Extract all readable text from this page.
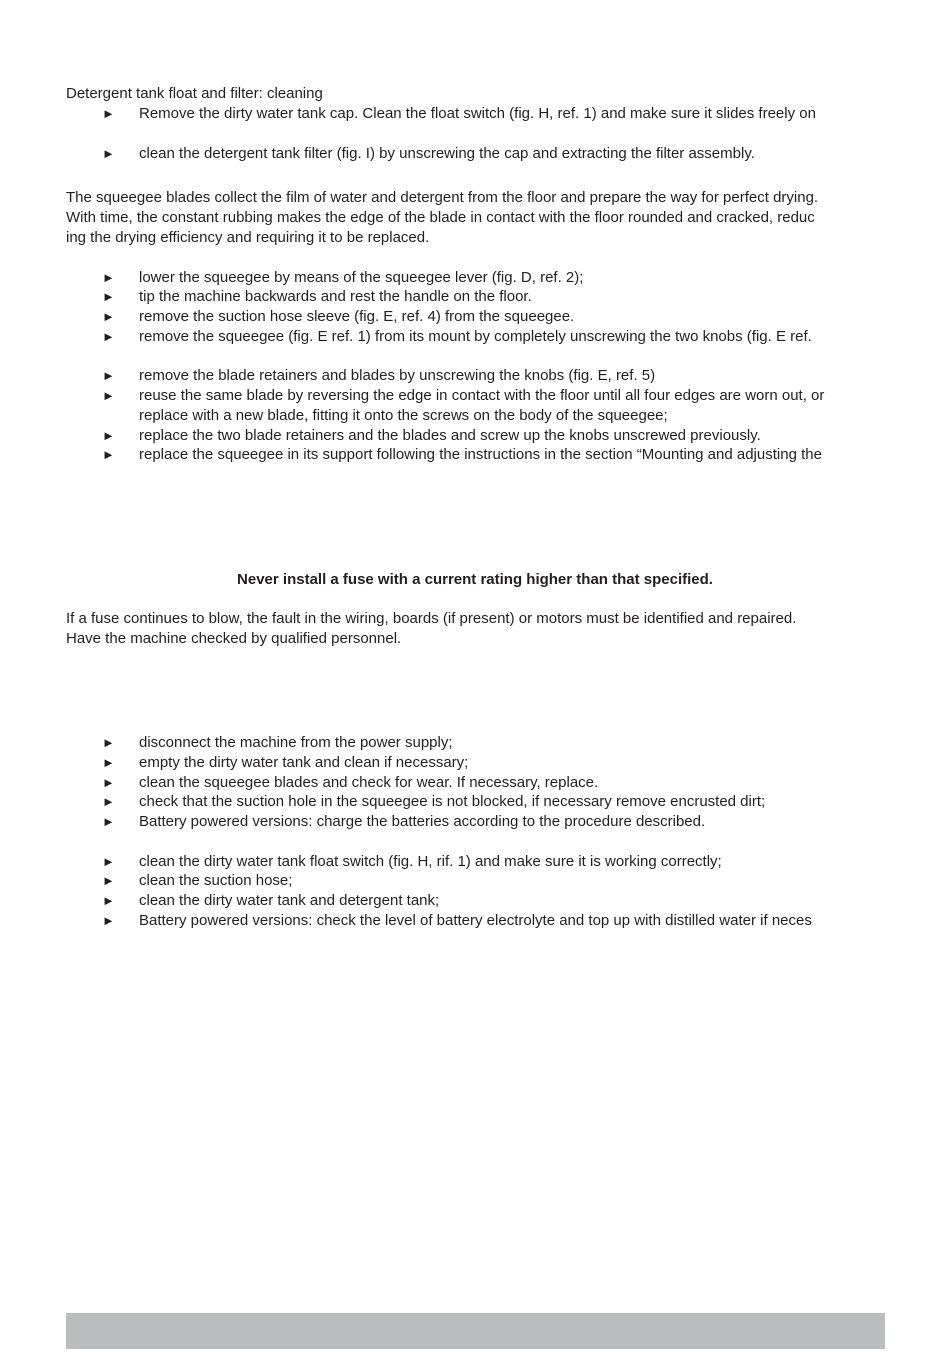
Detergent tank float and filter: cleaning
► Remove the dirty water tank cap. Clean the float switch (fig. H, ref. 1) and make sure it slides freely on
► clean the detergent tank filter (fig. I) by unscrewing the cap and extracting the filter assembly.
The squeegee blades collect the film of water and detergent from the floor and prepare the way for perfect drying.
With time, the constant rubbing makes the edge of the blade in contact with the floor rounded and cracked, reduc
ing the drying efficiency and requiring it to be replaced.
► lower the squeegee by means of the squeegee lever (fig. D, ref. 2);
► tip the machine backwards and rest the handle on the floor.
► remove the suction hose sleeve (fig. E, ref. 4) from the squeegee.
► remove the squeegee (fig. E ref. 1) from its mount by completely unscrewing the two knobs (fig. E ref.
► remove the blade retainers and blades by unscrewing the knobs (fig. E, ref. 5)
► reuse the same blade by reversing the edge in contact with the floor until all four edges are worn out, or
replace with a new blade, fitting it onto the screws on the body of the squeegee;
► replace the two blade retainers and the blades and screw up the knobs unscrewed previously.
► replace the squeegee in its support following the instructions in the section “Mounting and adjusting the
Never install a fuse with a current rating higher than that specified.
If a fuse continues to blow, the fault in the wiring, boards (if present) or motors must be identified and repaired.
Have the machine checked by qualified personnel.
► disconnect the machine from the power supply;
► empty the dirty water tank and clean if necessary;
► clean the squeegee blades and check for wear. If necessary, replace.
► check that the suction hole in the squeegee is not blocked, if necessary remove encrusted dirt;
► Battery powered versions: charge the batteries according to the procedure described.
► clean the dirty water tank float switch (fig. H, rif. 1) and make sure it is working correctly;
► clean the suction hose;
► clean the dirty water tank and detergent tank;
► Battery powered versions: check the level of battery electrolyte and top up with distilled water if neces
